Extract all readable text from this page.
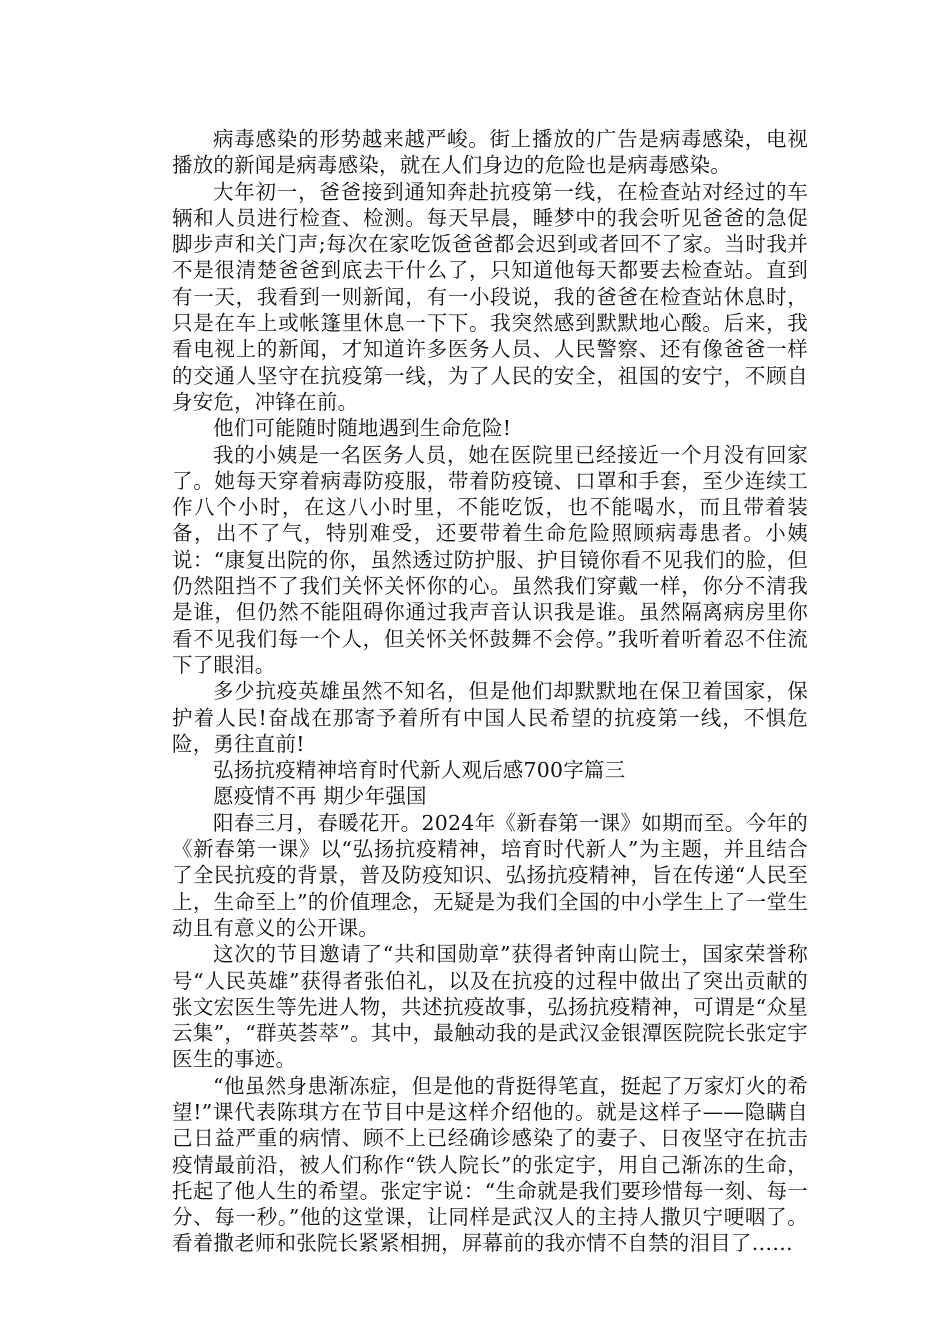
病毒感染的形势越来越严峻。街上播放的广告是病毒感染，电视播放的新闻是病毒感染，就在人们身边的危险也是病毒感染。

大年初一，爸爸接到通知奔赴抗疫第一线，在检查站对经过的车辆和人员进行检查、检测。每天早晨，睡梦中的我会听见爸爸的急促脚步声和关门声;每次在家吃饭爸爸都会迟到或者回不了家。当时我并不是很清楚爸爸到底去干什么了，只知道他每天都要去检查站。直到有一天，我看到一则新闻，有一小段说，我的爸爸在检查站休息时，只是在车上或帐篷里休息一下下。我突然感到默默地心酸。后来，我看电视上的新闻，才知道许多医务人员、人民警察、还有像爸爸一样的交通人坚守在抗疫第一线，为了人民的安全，祖国的安宁，不顾自身安危，冲锋在前。

他们可能随时随地遇到生命危险!

我的小姨是一名医务人员，她在医院里已经接近一个月没有回家了。她每天穿着病毒防疫服，带着防疫镜、口罩和手套，至少连续工作八个小时，在这八小时里，不能吃饭，也不能喝水，而且带着装备，出不了气，特别难受，还要带着生命危险照顾病毒患者。小姨说：“康复出院的你，虽然透过防护服、护目镜你看不见我们的脸，但仍然阻挡不了我们关怀关怀你的心。虽然我们穿戴一样，你分不清我是谁，但仍然不能阻碍你通过我声音认识我是谁。虽然隔离病房里你看不见我们每一个人，但关怀关怀鼓舞不会停。”我听着听着忍不住流下了眼泪。

多少抗疫英雄虽然不知名，但是他们却默默地在保卫着国家，保护着人民!奋战在那寄予着所有中国人民希望的抗疫第一线，不惧危险，勇往直前!

弘扬抗疫精神培育时代新人观后感700字篇三

愿疫情不再 期少年强国

阳春三月，春暖花开。2024年《新春第一课》如期而至。今年的《新春第一课》以“弘扬抗疫精神，培育时代新人”为主题，并且结合了全民抗疫的背景，普及防疫知识、弘扬抗疫精神，旨在传递“人民至上，生命至上”的价值理念，无疑是为我们全国的中小学生上了一堂生动且有意义的公开课。

这次的节目邀请了“共和国勋章”获得者钟南山院士，国家荣誉称号“人民英雄”获得者张伯礼，以及在抗疫的过程中做出了突出贡献的张文宏医生等先进人物，共述抗疫故事，弘扬抗疫精神，可谓是“众星云集”，“群英荟萃”。其中，最触动我的是武汉金银潭医院院长张定宇医生的事迹。

“他虽然身患渐冻症，但是他的背挺得笔直，挺起了万家灯火的希望!”课代表陈琪方在节目中是这样介绍他的。就是这样子——隐瞒自己日益严重的病情、顾不上已经确诊感染了的妻子、日夜坚守在抗击疫情最前沿，被人们称作“铁人院长”的张定宇，用自己渐冻的生命，托起了他人生的希望。张定宇说：“生命就是我们要珍惜每一刻、每一分、每一秒。”他的这堂课，让同样是武汉人的主持人撒贝宁哽咽了。看着撒老师和张院长紧紧相拥，屏幕前的我亦情不自禁的泪目了……
